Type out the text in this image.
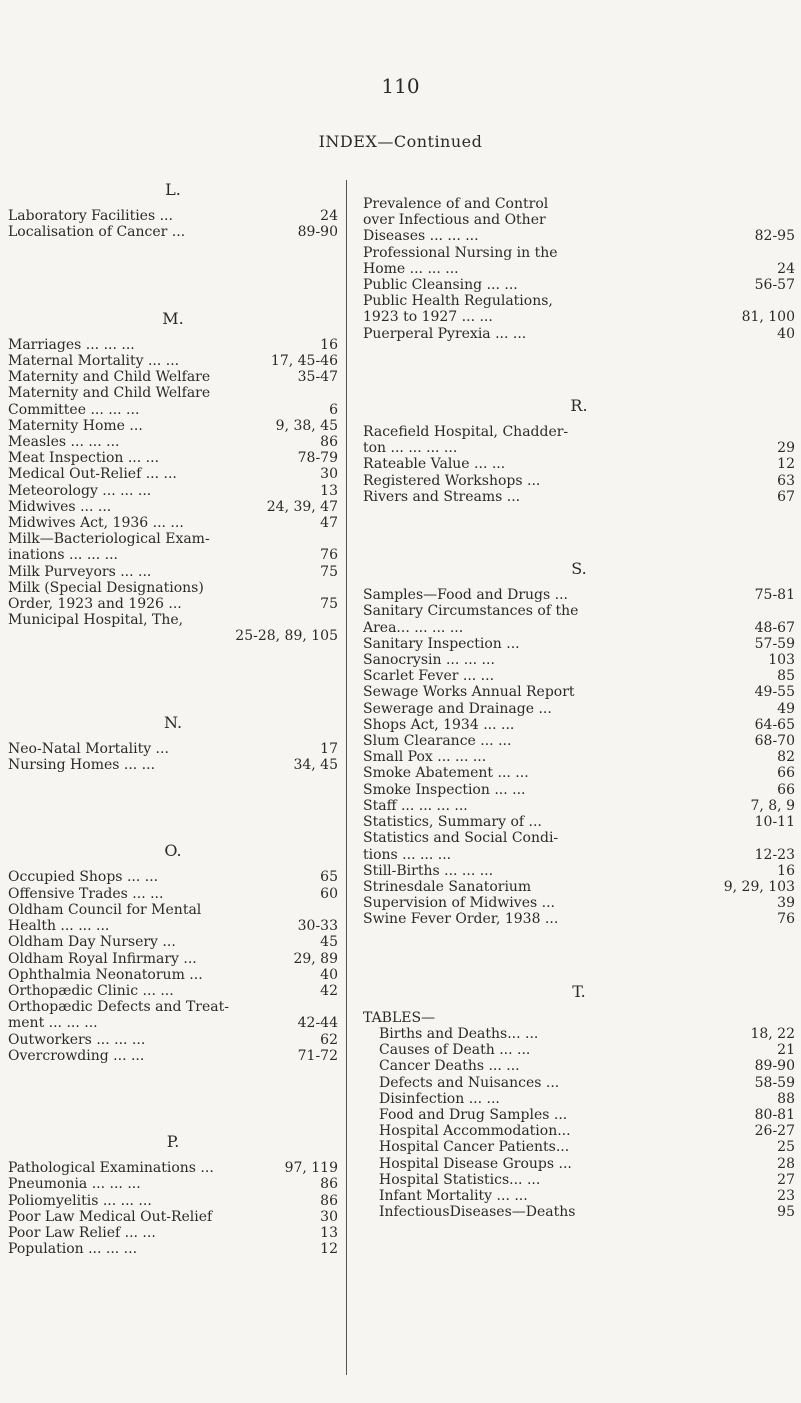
110
INDEX—Continued
L.
Laboratory Facilities ...	24
Localisation of Cancer ...	89-90
M.
Marriages ... ... ...	16
Maternal Mortality ... ...	17, 45-46
Maternity and Child Welfare	35-47
Maternity and Child Welfare
Committee ... ... ...	6
Maternity Home ...	9, 38, 45
Measles ... ... ...	86
Meat Inspection ... ...	78-79
Medical Out-Relief ... ...	30
Meteorology ... ... ...	13
Midwives ... ...	24, 39, 47
Midwives Act, 1936 ... ...	47
Milk—Bacteriological Exam-
inations ... ... ...	76
Milk Purveyors ... ...	75
Milk (Special Designations)
Order, 1923 and 1926 ...	75
Municipal Hospital, The,
25-28, 89, 105
N.
Neo-Natal Mortality ...	17
Nursing Homes ... ...	34, 45
O.
Occupied Shops ... ...	65
Offensive Trades ... ...	60
Oldham Council for Mental
Health ... ... ...	30-33
Oldham Day Nursery ...	45
Oldham Royal Infirmary ...	29, 89
Ophthalmia Neonatorum ...	40
Orthopædic Clinic ... ...	42
Orthopædic Defects and Treat-
ment ... ... ...	42-44
Outworkers ... ... ...	62
Overcrowding ... ...	71-72
P.
Pathological Examinations ...	97, 119
Pneumonia ... ... ...	86
Poliomyelitis ... ... ...	86
Poor Law Medical Out-Relief	30
Poor Law Relief ... ...	13
Population ... ... ...	12
Prevalence of and Control
over Infectious and Other
Diseases ... ... ...	82-95
Professional Nursing in the
Home ... ... ...	24
Public Cleansing ... ...	56-57
Public Health Regulations,
1923 to 1927 ... ...	81, 100
Puerperal Pyrexia ... ...	40
R.
Racefield Hospital, Chadder-
ton ... ... ... ...	29
Rateable Value ... ...	12
Registered Workshops ...	63
Rivers and Streams ...	67
S.
Samples—Food and Drugs ...	75-81
Sanitary Circumstances of the
Area... ... ... ...	48-67
Sanitary Inspection ...	57-59
Sanocrysin ... ... ...	103
Scarlet Fever ... ...	85
Sewage Works Annual Report	49-55
Sewerage and Drainage ...	49
Shops Act, 1934 ... ...	64-65
Slum Clearance ... ...	68-70
Small Pox ... ... ...	82
Smoke Abatement ... ...	66
Smoke Inspection ... ...	66
Staff ... ... ... ...	7, 8, 9
Statistics, Summary of ...	10-11
Statistics and Social Condi-
tions ... ... ...	12-23
Still-Births ... ... ...	16
Strinesdale Sanatorium	9, 29, 103
Supervision of Midwives ...	39
Swine Fever Order, 1938 ...	76
T.
TABLES—
Births and Deaths... ...	18, 22
Causes of Death ... ...	21
Cancer Deaths ... ...	89-90
Defects and Nuisances ...	58-59
Disinfection ... ...	88
Food and Drug Samples ...	80-81
Hospital Accommodation...	26-27
Hospital Cancer Patients...	25
Hospital Disease Groups ...	28
Hospital Statistics... ...	27
Infant Mortality ... ...	23
InfectiousDiseases—Deaths	95
